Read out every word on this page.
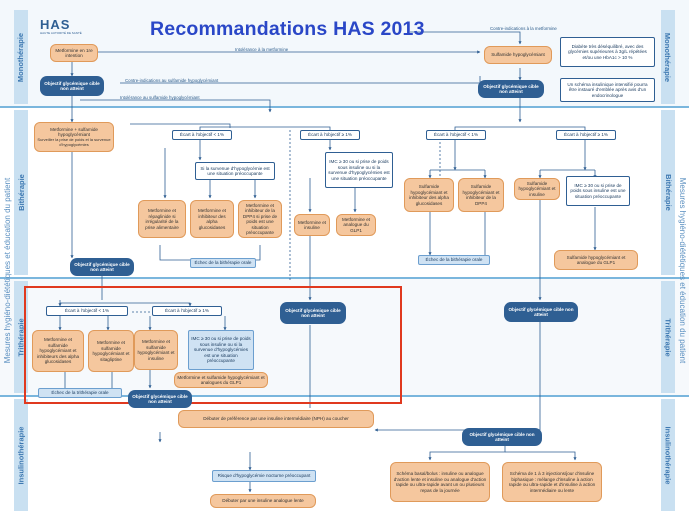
Monothérapie
Bithérapie
Trithérapie
Insulinothérapie
Mesures hygiéno-diététiques et éducation du patient
Monothérapie
Bithérapie
Trithérapie
Insulinothérapie
Mesures hygiéno-diététiques et éducation du patient
HAS
HAUTE AUTORITÉ DE SANTÉ	Recommandations HAS 2013
Intolérance à la metformine
Contre-indications à la metformine
Contre-indications au sulfamide hypoglycémiant
Intolérance au sulfamide hypoglycémiant
Metformine en 1re intention	Sulfamide hypoglycémiant
Diabète très déséquilibré, avec des glycémies supérieures à 3g/L répétées et/ou une HbA1c > 10 %
Un schéma insulinique intensifié pourra être instauré d'emblée après avis d'un endocrinologue
Objectif glycémique cible non atteint	Objectif glycémique cible non atteint
Metformine + sulfamide hypoglycémiant
Surveiller la prise de poids et la survenue d'hypoglycémies
Écart à l'objectif < 1%	Écart à l'objectif ≥ 1%
Si la survenue d'hypoglycémie est une situation préoccupante
Metformine et répaglinide si irrégularité de la prise alimentaire
Metformine et inhibiteur des alpha glucosidases
Metformine et inhibiteur de la DPP4 si prise de poids est une situation préoccupante
IMC ≥ 30 ou si prise de poids sous insuline ou si la survenue d'hypoglycémies est une situation préoccupante
Metformine et insuline
Metformine et analogue du GLP1
Échec de la bithérapie orale
Écart à l'objectif < 1%	Écart à l'objectif ≥ 1%
Sulfamide hypoglycémiant et inhibiteur des alpha glucosidases
Sulfamide hypoglycémiant et inhibiteur de la DPP4
Sulfamide hypoglycémiant et insuline
IMC ≥ 30 ou si prise de poids sous insuline est une situation préoccupante
Échec de la bithérapie orale
Sulfamide hypoglycémiant et analogue du GLP1
Objectif glycémique cible non atteint
Objectif glycémique cible non atteint
Objectif glycémique cible non atteint
Écart à l'objectif < 1%	Écart à l'objectif ≥ 1%
Metformine et sulfamide hypoglycémiant et inhibiteurs des alpha glucosidases
Metformine et sulfamide hypoglycémiant et sitagliptine
Metformine et sulfamide hypoglycémiant et insuline
IMC ≥ 30 ou si prise de poids sous insuline ou si la survenue d'hypoglycémies est une situation préoccupante
Metformine et sulfamide hypoglycémiant et analogues du GLP1
Échec de la trithérapie orale
Objectif glycémique cible non atteint
Débuter de préférence par une insuline intermédiaire (NPH) au coucher
Risque d'hypoglycémie nocturne préoccupant
Débuter par une insuline analogue lente
Objectif glycémique cible non atteint
Schéma basal/bolus : insuline ou analogue d'action lente et insuline ou analogue d'action rapide ou ultra-rapide avant un ou plusieurs repas de la journée
Schéma de 1 à 3 injections/jour d'insuline biphasique : mélange d'insuline à action rapide ou ultra-rapide et d'insuline à action intermédiaire ou lente
